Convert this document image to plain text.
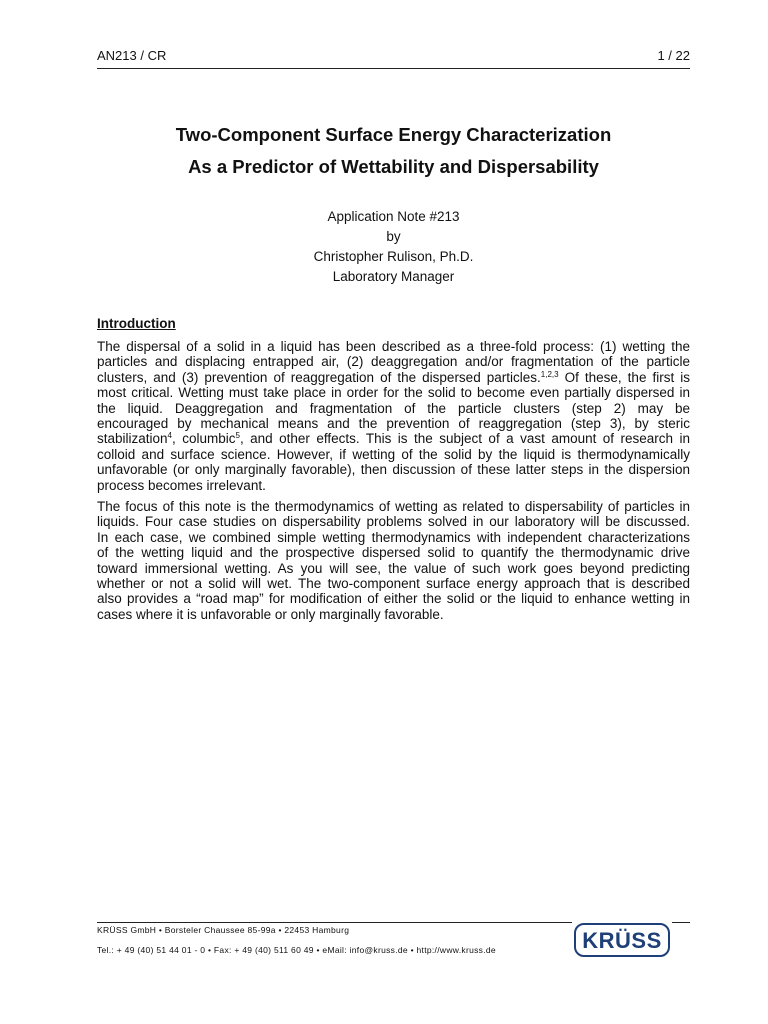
AN213 / CR	1 / 22
Two-Component Surface Energy Characterization
As a Predictor of Wettability and Dispersability
Application Note #213
by
Christopher Rulison, Ph.D.
Laboratory Manager
Introduction
The dispersal of a solid in a liquid has been described as a three-fold process: (1) wetting the
particles and displacing entrapped air, (2) deaggregation and/or fragmentation of the particle
clusters, and (3) prevention of reaggregation of the dispersed particles.$^{1,2,3}$ Of these, the first is
most critical. Wetting must take place in order for the solid to become even partially dispersed in
the liquid. Deaggregation and fragmentation of the particle clusters (step 2) may be
encouraged by mechanical means and the prevention of reaggregation (step 3), by steric
stabilization$^4$, columbic$^5$, and other effects. This is the subject of a vast amount of research in
colloid and surface science. However, if wetting of the solid by the liquid is thermodynamically
unfavorable (or only marginally favorable), then discussion of these latter steps in the dispersion
process becomes irrelevant.
The focus of this note is the thermodynamics of wetting as related to dispersability of particles in
liquids. Four case studies on dispersability problems solved in our laboratory will be discussed.
In each case, we combined simple wetting thermodynamics with independent characterizations
of the wetting liquid and the prospective dispersed solid to quantify the thermodynamic drive
toward immersional wetting. As you will see, the value of such work goes beyond predicting
whether or not a solid will wet. The two-component surface energy approach that is described
also provides a “road map” for modification of either the solid or the liquid to enhance wetting in
cases where it is unfavorable or only marginally favorable.
KRÜSS GmbH • Borsteler Chaussee 85-99a • 22453 Hamburg
Tel.: + 49 (40) 51 44 01 - 0 • Fax: + 49 (40) 511 60 49 • eMail: info@kruss.de • http://www.kruss.de	KRÜSS
